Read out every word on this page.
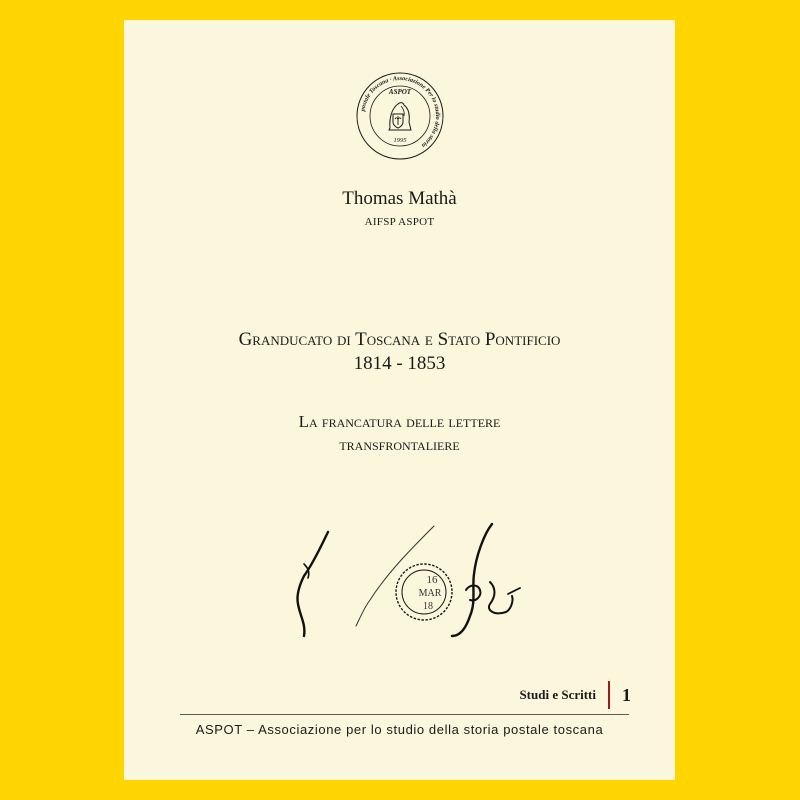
postale Toscana · Associazione Per lo studio della storia
ASPOT
1995
Thomas Mathà
AIFSP ASPOT
Granducato di Toscana e Stato Pontificio
1814 - 1853
La francatura delle lettere
transfrontaliere
16
MAR
18
Studi e Scritti 1
ASPOT – Associazione per lo studio della storia postale toscana
